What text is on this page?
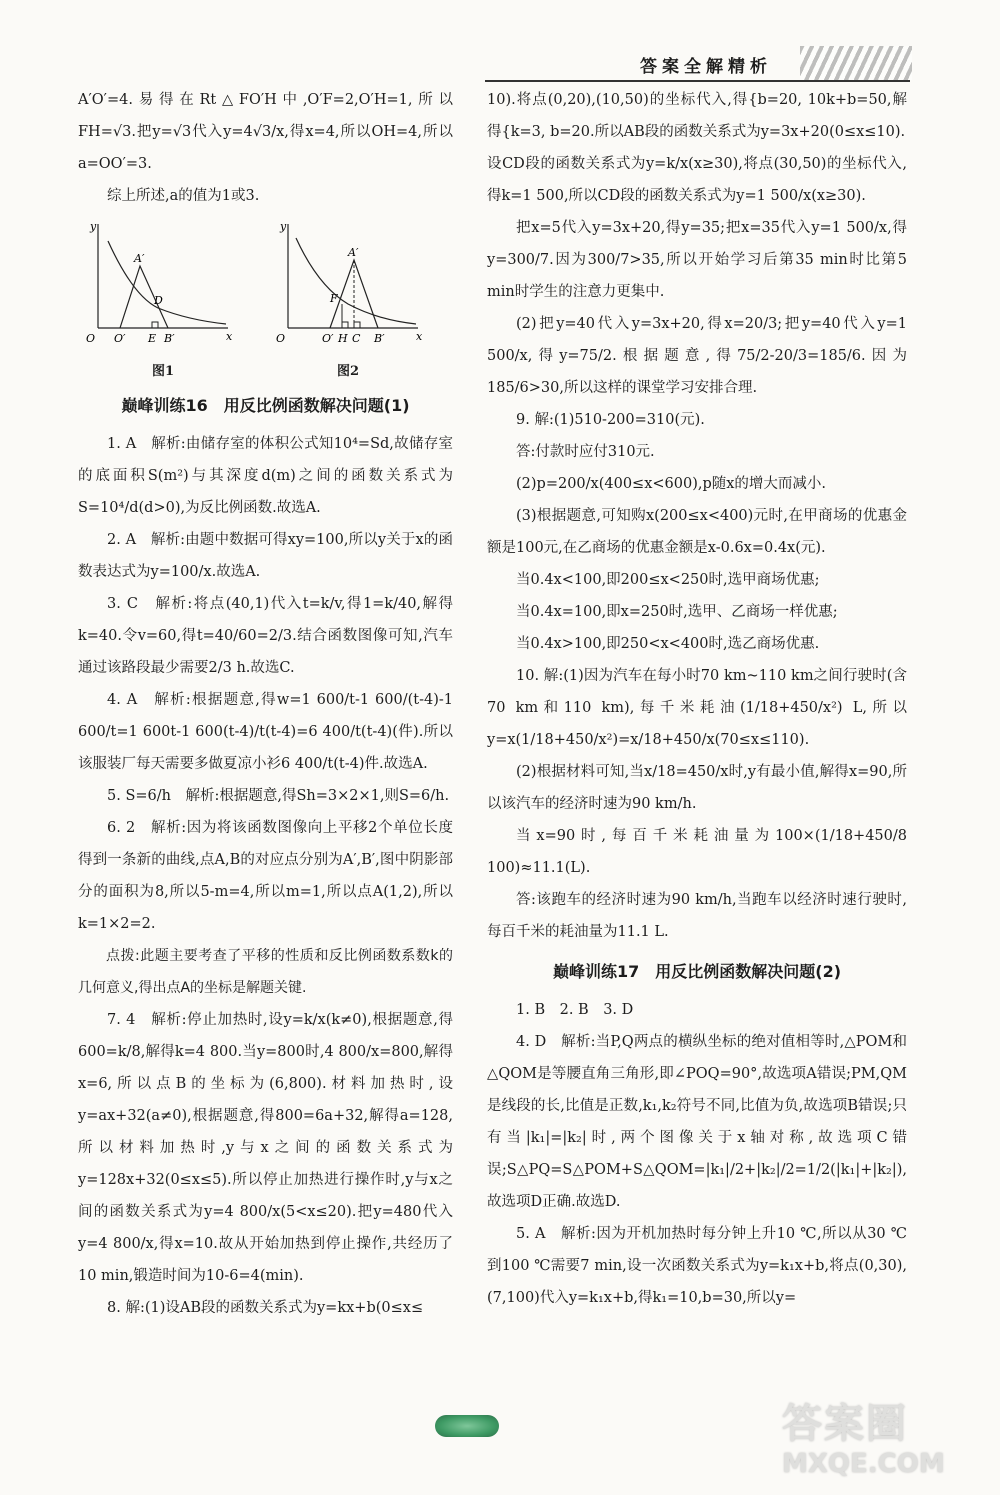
答案全解精析

A′O′=4.易得在Rt△FO′H中,O′F=2,O′H=1,所以FH=√3.把y=√3代入y=4√3/x,得x=4,所以OH=4,所以a=OO′=3.

综上所述,a的值为1或3.

y
x
O O′
A′
D
E B′
图1
y
x
O	O′ H C B′
A′
F
图2
巅峰训练16　用反比例函数解决问题(1)

1. A　解析:由储存室的体积公式知10⁴=Sd,故储存室的底面积S(m²)与其深度d(m)之间的函数关系式为S=10⁴/d(d>0),为反比例函数.故选A.

2. A　解析:由题中数据可得xy=100,所以y关于x的函数表达式为y=100/x.故选A.

3. C　解析:将点(40,1)代入t=k/v,得1=k/40,解得k=40.令v=60,得t=40/60=2/3.结合函数图像可知,汽车通过该路段最少需要2/3 h.故选C.

4. A　解析:根据题意,得w=1 600/t-1 600/(t-4)-1 600/t=1 600t-1 600(t-4)/t(t-4)=6 400/t(t-4)(件).所以该服装厂每天需要多做夏凉小衫6 400/t(t-4)件.故选A.

5. S=6/h　解析:根据题意,得Sh=3×2×1,则S=6/h.

6. 2　解析:因为将该函数图像向上平移2个单位长度得到一条新的曲线,点A,B的对应点分别为A′,B′,图中阴影部分的面积为8,所以5-m=4,所以m=1,所以点A(1,2),所以k=1×2=2.

点拨:此题主要考查了平移的性质和反比例函数系数k的几何意义,得出点A的坐标是解题关键.

7. 4　解析:停止加热时,设y=k/x(k≠0),根据题意,得600=k/8,解得k=4 800.当y=800时,4 800/x=800,解得x=6,所以点B的坐标为(6,800).材料加热时,设y=ax+32(a≠0),根据题意,得800=6a+32,解得a=128,所以材料加热时,y与x之间的函数关系式为y=128x+32(0≤x≤5).所以停止加热进行操作时,y与x之间的函数关系式为y=4 800/x(5<x≤20).把y=480代入y=4 800/x,得x=10.故从开始加热到停止操作,共经历了10 min,锻造时间为10-6=4(min).

8. 解:(1)设AB段的函数关系式为y=kx+b(0≤x≤

10).将点(0,20),(10,50)的坐标代入,得{b=20, 10k+b=50,解得{k=3, b=20.所以AB段的函数关系式为y=3x+20(0≤x≤10).

设CD段的函数关系式为y=k/x(x≥30),将点(30,50)的坐标代入,得k=1 500,所以CD段的函数关系式为y=1 500/x(x≥30).

把x=5代入y=3x+20,得y=35;把x=35代入y=1 500/x,得y=300/7.因为300/7>35,所以开始学习后第35 min时比第5 min时学生的注意力更集中.

(2)把y=40代入y=3x+20,得x=20/3;把y=40代入y=1 500/x,得y=75/2.根据题意,得75/2-20/3=185/6.因为185/6>30,所以这样的课堂学习安排合理.

9. 解:(1)510-200=310(元).

答:付款时应付310元.

(2)p=200/x(400≤x<600),p随x的增大而减小.

(3)根据题意,可知购x(200≤x<400)元时,在甲商场的优惠金额是100元,在乙商场的优惠金额是x-0.6x=0.4x(元).

当0.4x<100,即200≤x<250时,选甲商场优惠;

当0.4x=100,即x=250时,选甲、乙商场一样优惠;

当0.4x>100,即250<x<400时,选乙商场优惠.

10. 解:(1)因为汽车在每小时70 km~110 km之间行驶时(含70 km和110 km),每千米耗油(1/18+450/x²) L,所以y=x(1/18+450/x²)=x/18+450/x(70≤x≤110).

(2)根据材料可知,当x/18=450/x时,y有最小值,解得x=90,所以该汽车的经济时速为90 km/h.

当x=90时,每百千米耗油量为100×(1/18+450/8 100)≈11.1(L).

答:该跑车的经济时速为90 km/h,当跑车以经济时速行驶时,每百千米的耗油量为11.1 L.

巅峰训练17　用反比例函数解决问题(2)

1. B　2. B　3. D

4. D　解析:当P,Q两点的横纵坐标的绝对值相等时,△POM和△QOM是等腰直角三角形,即∠POQ=90°,故选项A错误;PM,QM是线段的长,比值是正数,k₁,k₂符号不同,比值为负,故选项B错误;只有当|k₁|=|k₂|时,两个图像关于x轴对称,故选项C错误;S△PQ=S△POM+S△QOM=|k₁|/2+|k₂|/2=1/2(|k₁|+|k₂|),故选项D正确.故选D.

5. A　解析:因为开机加热时每分钟上升10 ℃,所以从30 ℃到100 ℃需要7 min,设一次函数关系式为y=k₁x+b,将点(0,30),(7,100)代入y=k₁x+b,得k₁=10,b=30,所以y=

答案圈
MXQE.COM
